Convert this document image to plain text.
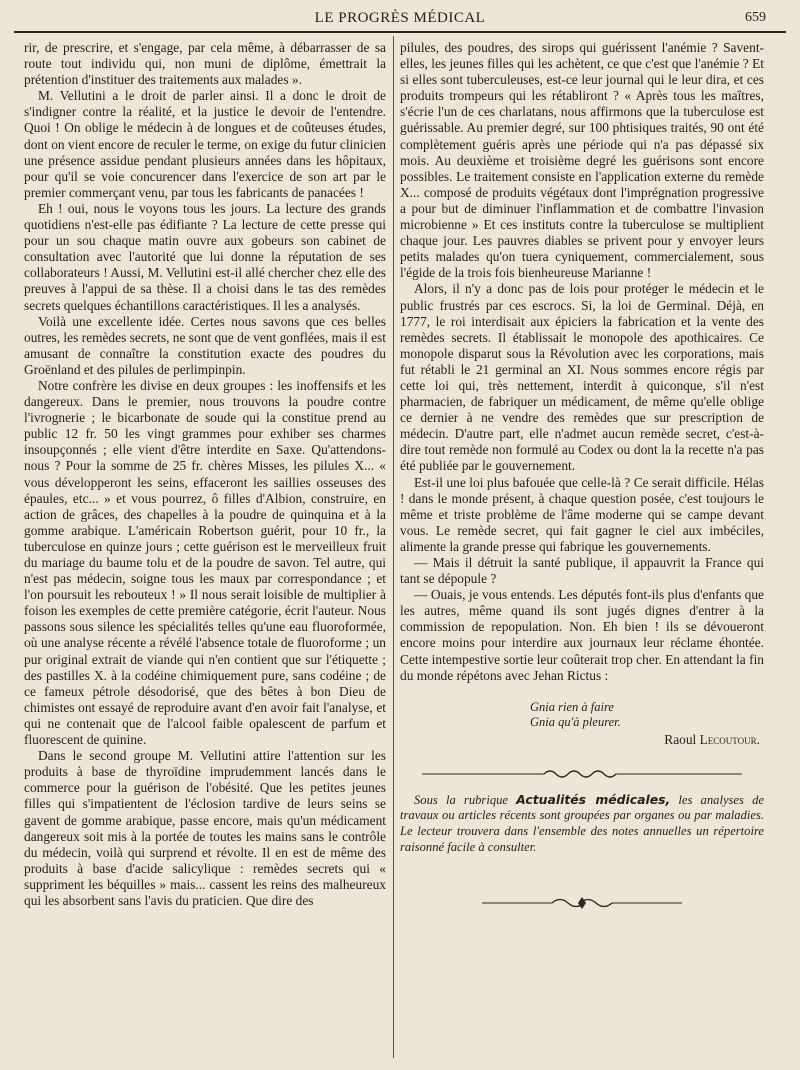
LE PROGRÈS MÉDICAL	659

rir, de prescrire, et s'engage, par cela même, à débarrasser de sa route tout individu qui, non muni de diplôme, émettrait la prétention d'instituer des traitements aux malades ».

M. Vellutini a le droit de parler ainsi. Il a donc le droit de s'indigner contre la réalité, et la justice le devoir de l'entendre. Quoi ! On oblige le médecin à de longues et de coûteuses études, dont on vient encore de reculer le terme, on exige du futur clinicien une présence assidue pendant plusieurs années dans les hôpitaux, pour qu'il se voie concurencer dans l'exercice de son art par le premier commerçant venu, par tous les fabricants de panacées !

Eh ! oui, nous le voyons tous les jours. La lecture des grands quotidiens n'est-elle pas édifiante ? La lecture de cette presse qui pour un sou chaque matin ouvre aux gobeurs son cabinet de consultation avec l'autorité que lui donne la réputation de ses collaborateurs ! Aussi, M. Vellutini est-il allé chercher chez elle des preuves à l'appui de sa thèse. Il a choisi dans le tas des remèdes secrets quelques échantillons caractéristiques. Il les a analysés.

Voilà une excellente idée. Certes nous savons que ces belles outres, les remèdes secrets, ne sont que de vent gonflées, mais il est amusant de connaître la constitution exacte des poudres du Groënland et des pilules de perlimpinpin.

Notre confrère les divise en deux groupes : les inoffensifs et les dangereux. Dans le premier, nous trouvons la poudre contre l'ivrognerie ; le bicarbonate de soude qui la constitue prend au public 12 fr. 50 les vingt grammes pour exhiber ses charmes insoupçonnés ; elle vient d'être interdite en Saxe. Qu'attendons-nous ? Pour la somme de 25 fr. chères Misses, les pilules X... « vous développeront les seins, effaceront les saillies osseuses des épaules, etc... » et vous pourrez, ô filles d'Albion, construire, en action de grâces, des chapelles à la poudre de quinquina et à la gomme arabique. L'américain Robertson guérit, pour 10 fr., la tuberculose en quinze jours ; cette guérison est le merveilleux fruit du mariage du baume tolu et de la poudre de savon. Tel autre, qui n'est pas médecin, soigne tous les maux par correspondance ; et l'on poursuit les rebouteux ! » Il nous serait loisible de multiplier à foison les exemples de cette première catégorie, écrit l'auteur. Nous passons sous silence les spécialités telles qu'une eau fluoroformée, où une analyse récente a révélé l'absence totale de fluoroforme ; un pur original extrait de viande qui n'en contient que sur l'étiquette ; des pastilles X. à la codéine chimiquement pure, sans codéine ; de ce fameux pétrole désodorisé, que des bêtes à bon Dieu de chimistes ont essayé de reproduire avant d'en avoir fait l'analyse, et qui ne contenait que de l'alcool faible opalescent de parfum et fluorescent de quinine.

Dans le second groupe M. Vellutini attire l'attention sur les produits à base de thyroïdine imprudemment lancés dans le commerce pour la guérison de l'obésité. Que les petites jeunes filles qui s'impatientent de l'éclosion tardive de leurs seins se gavent de gomme arabique, passe encore, mais qu'un médicament dangereux soit mis à la portée de toutes les mains sans le contrôle du médecin, voilà qui surprend et révolte. Il en est de même des produits à base d'acide salicylique : remèdes secrets qui « suppriment les béquilles » mais... cassent les reins des malheureux qui les absorbent sans l'avis du praticien. Que dire des

pilules, des poudres, des sirops qui guérissent l'anémie ? Savent-elles, les jeunes filles qui les achètent, ce que c'est que l'anémie ? Et si elles sont tuberculeuses, est-ce leur journal qui le leur dira, et ces produits trompeurs qui les rétabliront ? « Après tous les maîtres, s'écrie l'un de ces charlatans, nous affirmons que la tuberculose est guérissable. Au premier degré, sur 100 phtisiques traités, 90 ont été complètement guéris après une période qui n'a pas dépassé six mois. Au deuxième et troisième degré les guérisons sont encore possibles. Le traitement consiste en l'application externe du remède X... composé de produits végétaux dont l'imprégnation progressive a pour but de diminuer l'inflammation et de combattre l'invasion microbienne » Et ces instituts contre la tuberculose se multiplient chaque jour. Les pauvres diables se privent pour y envoyer leurs petits malades qu'on tuera cyniquement, commercialement, sous l'égide de la trois fois bienheureuse Marianne !

Alors, il n'y a donc pas de lois pour protéger le médecin et le public frustrés par ces escrocs. Si, la loi de Germinal. Déjà, en 1777, le roi interdisait aux épiciers la fabrication et la vente des remèdes secrets. Il établissait le monopole des apothicaires. Ce monopole disparut sous la Révolution avec les corporations, mais fut rétabli le 21 germinal an XI. Nous sommes encore régis par cette loi qui, très nettement, interdit à quiconque, s'il n'est pharmacien, de fabriquer un médicament, de même qu'elle oblige ce dernier à ne vendre des remèdes que sur prescription de médecin. D'autre part, elle n'admet aucun remède secret, c'est-à-dire tout remède non formulé au Codex ou dont la la recette n'a pas été publiée par le gouvernement.

Est-il une loi plus bafouée que celle-là ? Ce serait difficile. Hélas ! dans le monde présent, à chaque question posée, c'est toujours le même et triste problème de l'âme moderne qui se campe devant vous. Le remède secret, qui fait gagner le ciel aux imbéciles, alimente la grande presse qui fabrique les gouvernements.

— Mais il détruit la santé publique, il appauvrit la France qui tant se dépopule ?

— Ouais, je vous entends. Les députés font-ils plus d'enfants que les autres, même quand ils sont jugés dignes d'entrer à la commission de repopulation. Non. Eh bien ! ils se dévoueront encore moins pour interdire aux journaux leur réclame éhontée. Cette intempestive sortie leur coûterait trop cher. En attendant la fin du monde répétons avec Jehan Rictus :

Gnia rien à faire
Gnia qu'à pleurer.
Raoul Lecoutour.
Sous la rubrique Actualités médicales, les analyses de travaux ou articles récents sont groupées par organes ou par maladies. Le lecteur trouvera dans l'ensemble des notes annuelles un répertoire raisonné facile à consulter.
